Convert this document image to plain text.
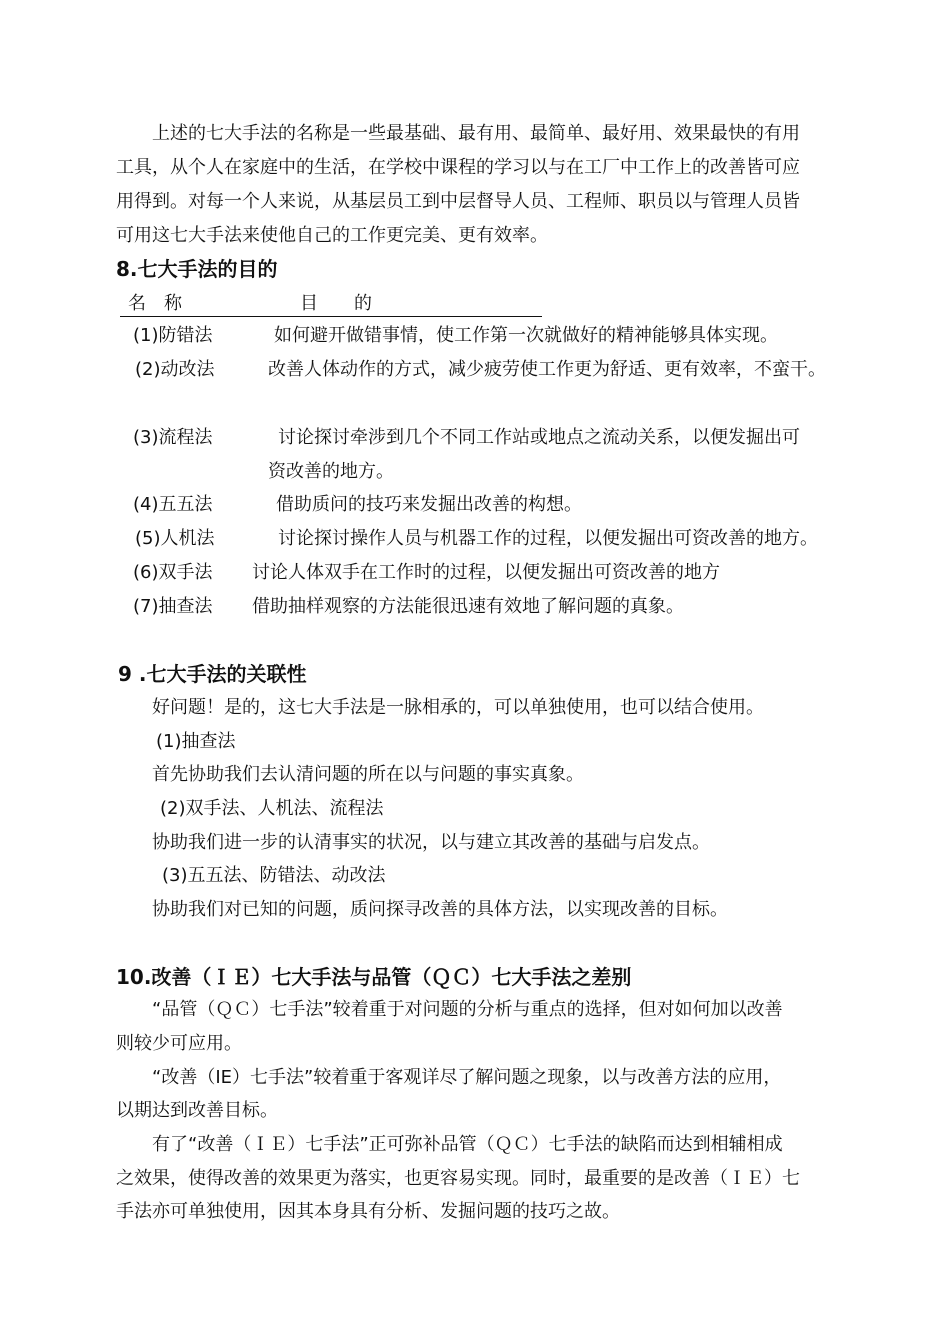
上述的七大手法的名称是一些最基础、最有用、最简单、最好用、效果最快的有用
工具，从个人在家庭中的生活，在学校中课程的学习以与在工厂中工作上的改善皆可应
用得到。对每一个人来说，从基层员工到中层督导人员、工程师、职员以与管理人员皆
可用这七大手法来使他自己的工作更完美、更有效率。
8.七大手法的目的
名　称	目　　的
(1)防错法	如何避开做错事情，使工作第一次就做好的精神能够具体实现。
(2)动改法	改善人体动作的方式，减少疲劳使工作更为舒适、更有效率，不蛮干。
(3)流程法	讨论探讨牵涉到几个不同工作站或地点之流动关系，以便发掘出可
资改善的地方。
(4)五五法	借助质问的技巧来发掘出改善的构想。
(5)人机法	讨论探讨操作人员与机器工作的过程，以便发掘出可资改善的地方。
(6)双手法 讨论人体双手在工作时的过程，以便发掘出可资改善的地方
(7)抽查法 借助抽样观察的方法能很迅速有效地了解问题的真象。
9 .七大手法的关联性
好问题！是的，这七大手法是一脉相承的，可以单独使用，也可以结合使用。
(1)抽查法
首先协助我们去认清问题的所在以与问题的事实真象。
(2)双手法、人机法、流程法
协助我们进一步的认清事实的状况，以与建立其改善的基础与启发点。
(3)五五法、防错法、动改法
协助我们对已知的问题，质问探寻改善的具体方法，以实现改善的目标。
10.改善（ＩＥ）七大手法与品管（ＱＣ）七大手法之差别
“品管（ＱＣ）七手法”较着重于对问题的分析与重点的选择，但对如何加以改善
则较少可应用。
“改善（IE）七手法”较着重于客观详尽了解问题之现象，以与改善方法的应用，
以期达到改善目标。
有了“改善（ＩＥ）七手法”正可弥补品管（ＱＣ）七手法的缺陷而达到相辅相成
之效果，使得改善的效果更为落实，也更容易实现。同时，最重要的是改善（ＩＥ）七
手法亦可单独使用，因其本身具有分析、发掘问题的技巧之故。
